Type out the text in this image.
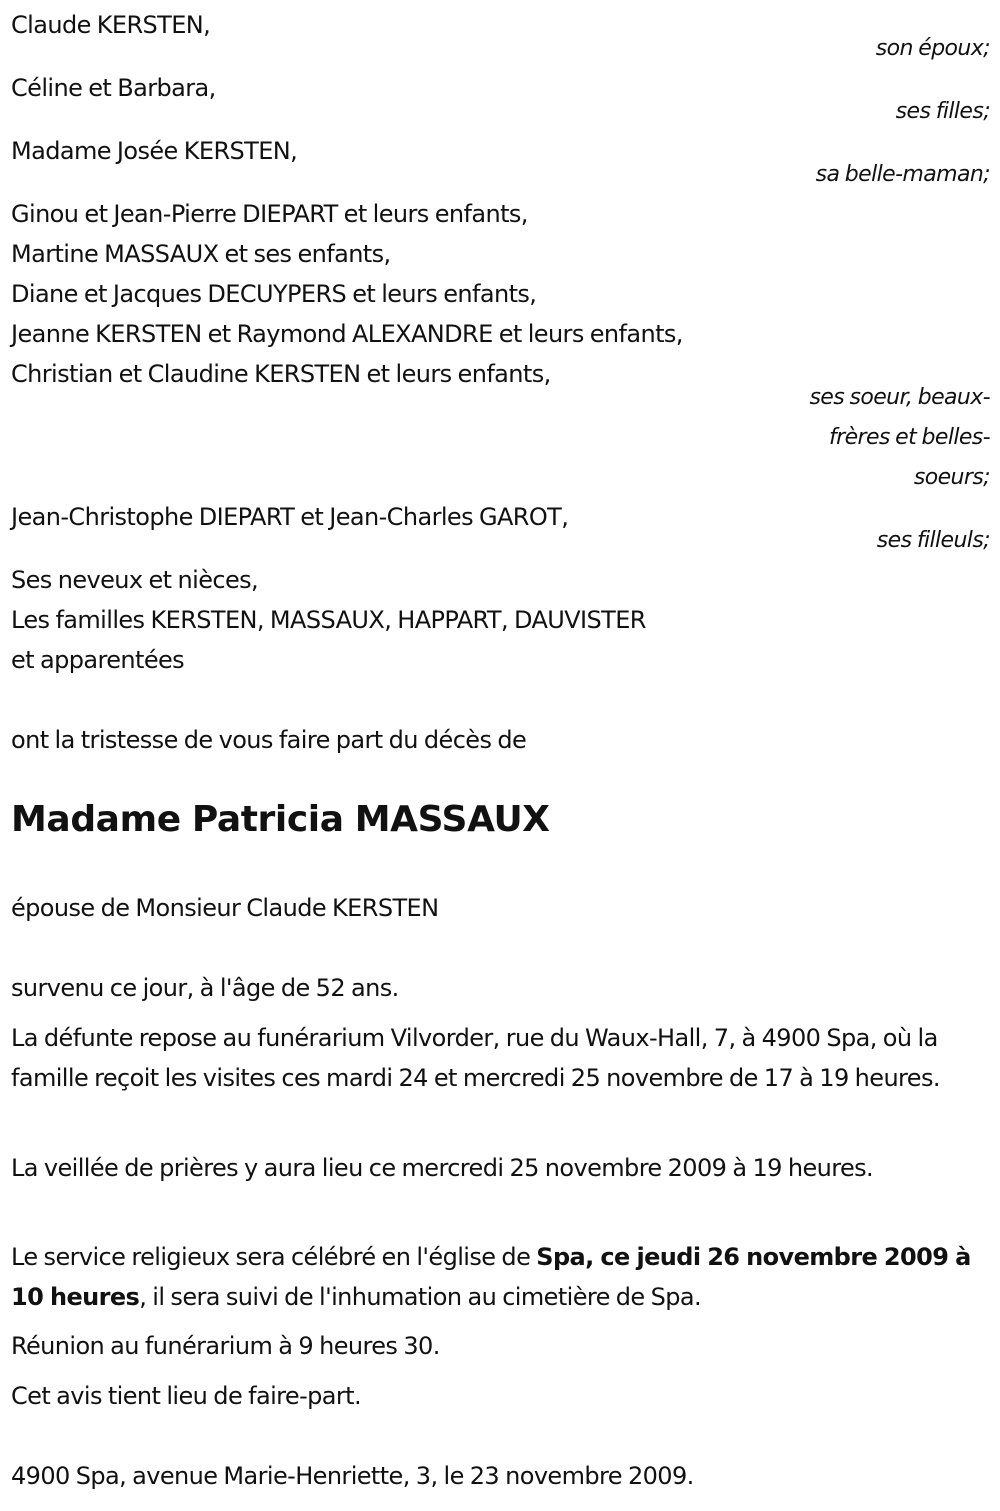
Claude KERSTEN,
son époux;
Céline et Barbara,
ses filles;
Madame Josée KERSTEN,
sa belle-maman;
Ginou et Jean-Pierre DIEPART et leurs enfants,
Martine MASSAUX et ses enfants,
Diane et Jacques DECUYPERS et leurs enfants,
Jeanne KERSTEN et Raymond ALEXANDRE et leurs enfants,
Christian et Claudine KERSTEN et leurs enfants,
ses soeur, beaux-
frères et belles-
soeurs;
Jean-Christophe DIEPART et Jean-Charles GAROT,
ses filleuls;
Ses neveux et nièces,
Les familles KERSTEN, MASSAUX, HAPPART, DAUVISTER
et apparentées
ont la tristesse de vous faire part du décès de
Madame Patricia MASSAUX
épouse de Monsieur Claude KERSTEN
survenu ce jour, à l'âge de 52 ans.
La défunte repose au funérarium Vilvorder, rue du Waux-Hall, 7, à 4900 Spa, où la famille reçoit les visites ces mardi 24 et mercredi 25 novembre de 17 à 19 heures.
La veillée de prières y aura lieu ce mercredi 25 novembre 2009 à 19 heures.
Le service religieux sera célébré en l'église de Spa, ce jeudi 26 novembre 2009 à 10 heures, il sera suivi de l'inhumation au cimetière de Spa.
Réunion au funérarium à 9 heures 30.
Cet avis tient lieu de faire-part.
4900 Spa, avenue Marie-Henriette, 3, le 23 novembre 2009.
